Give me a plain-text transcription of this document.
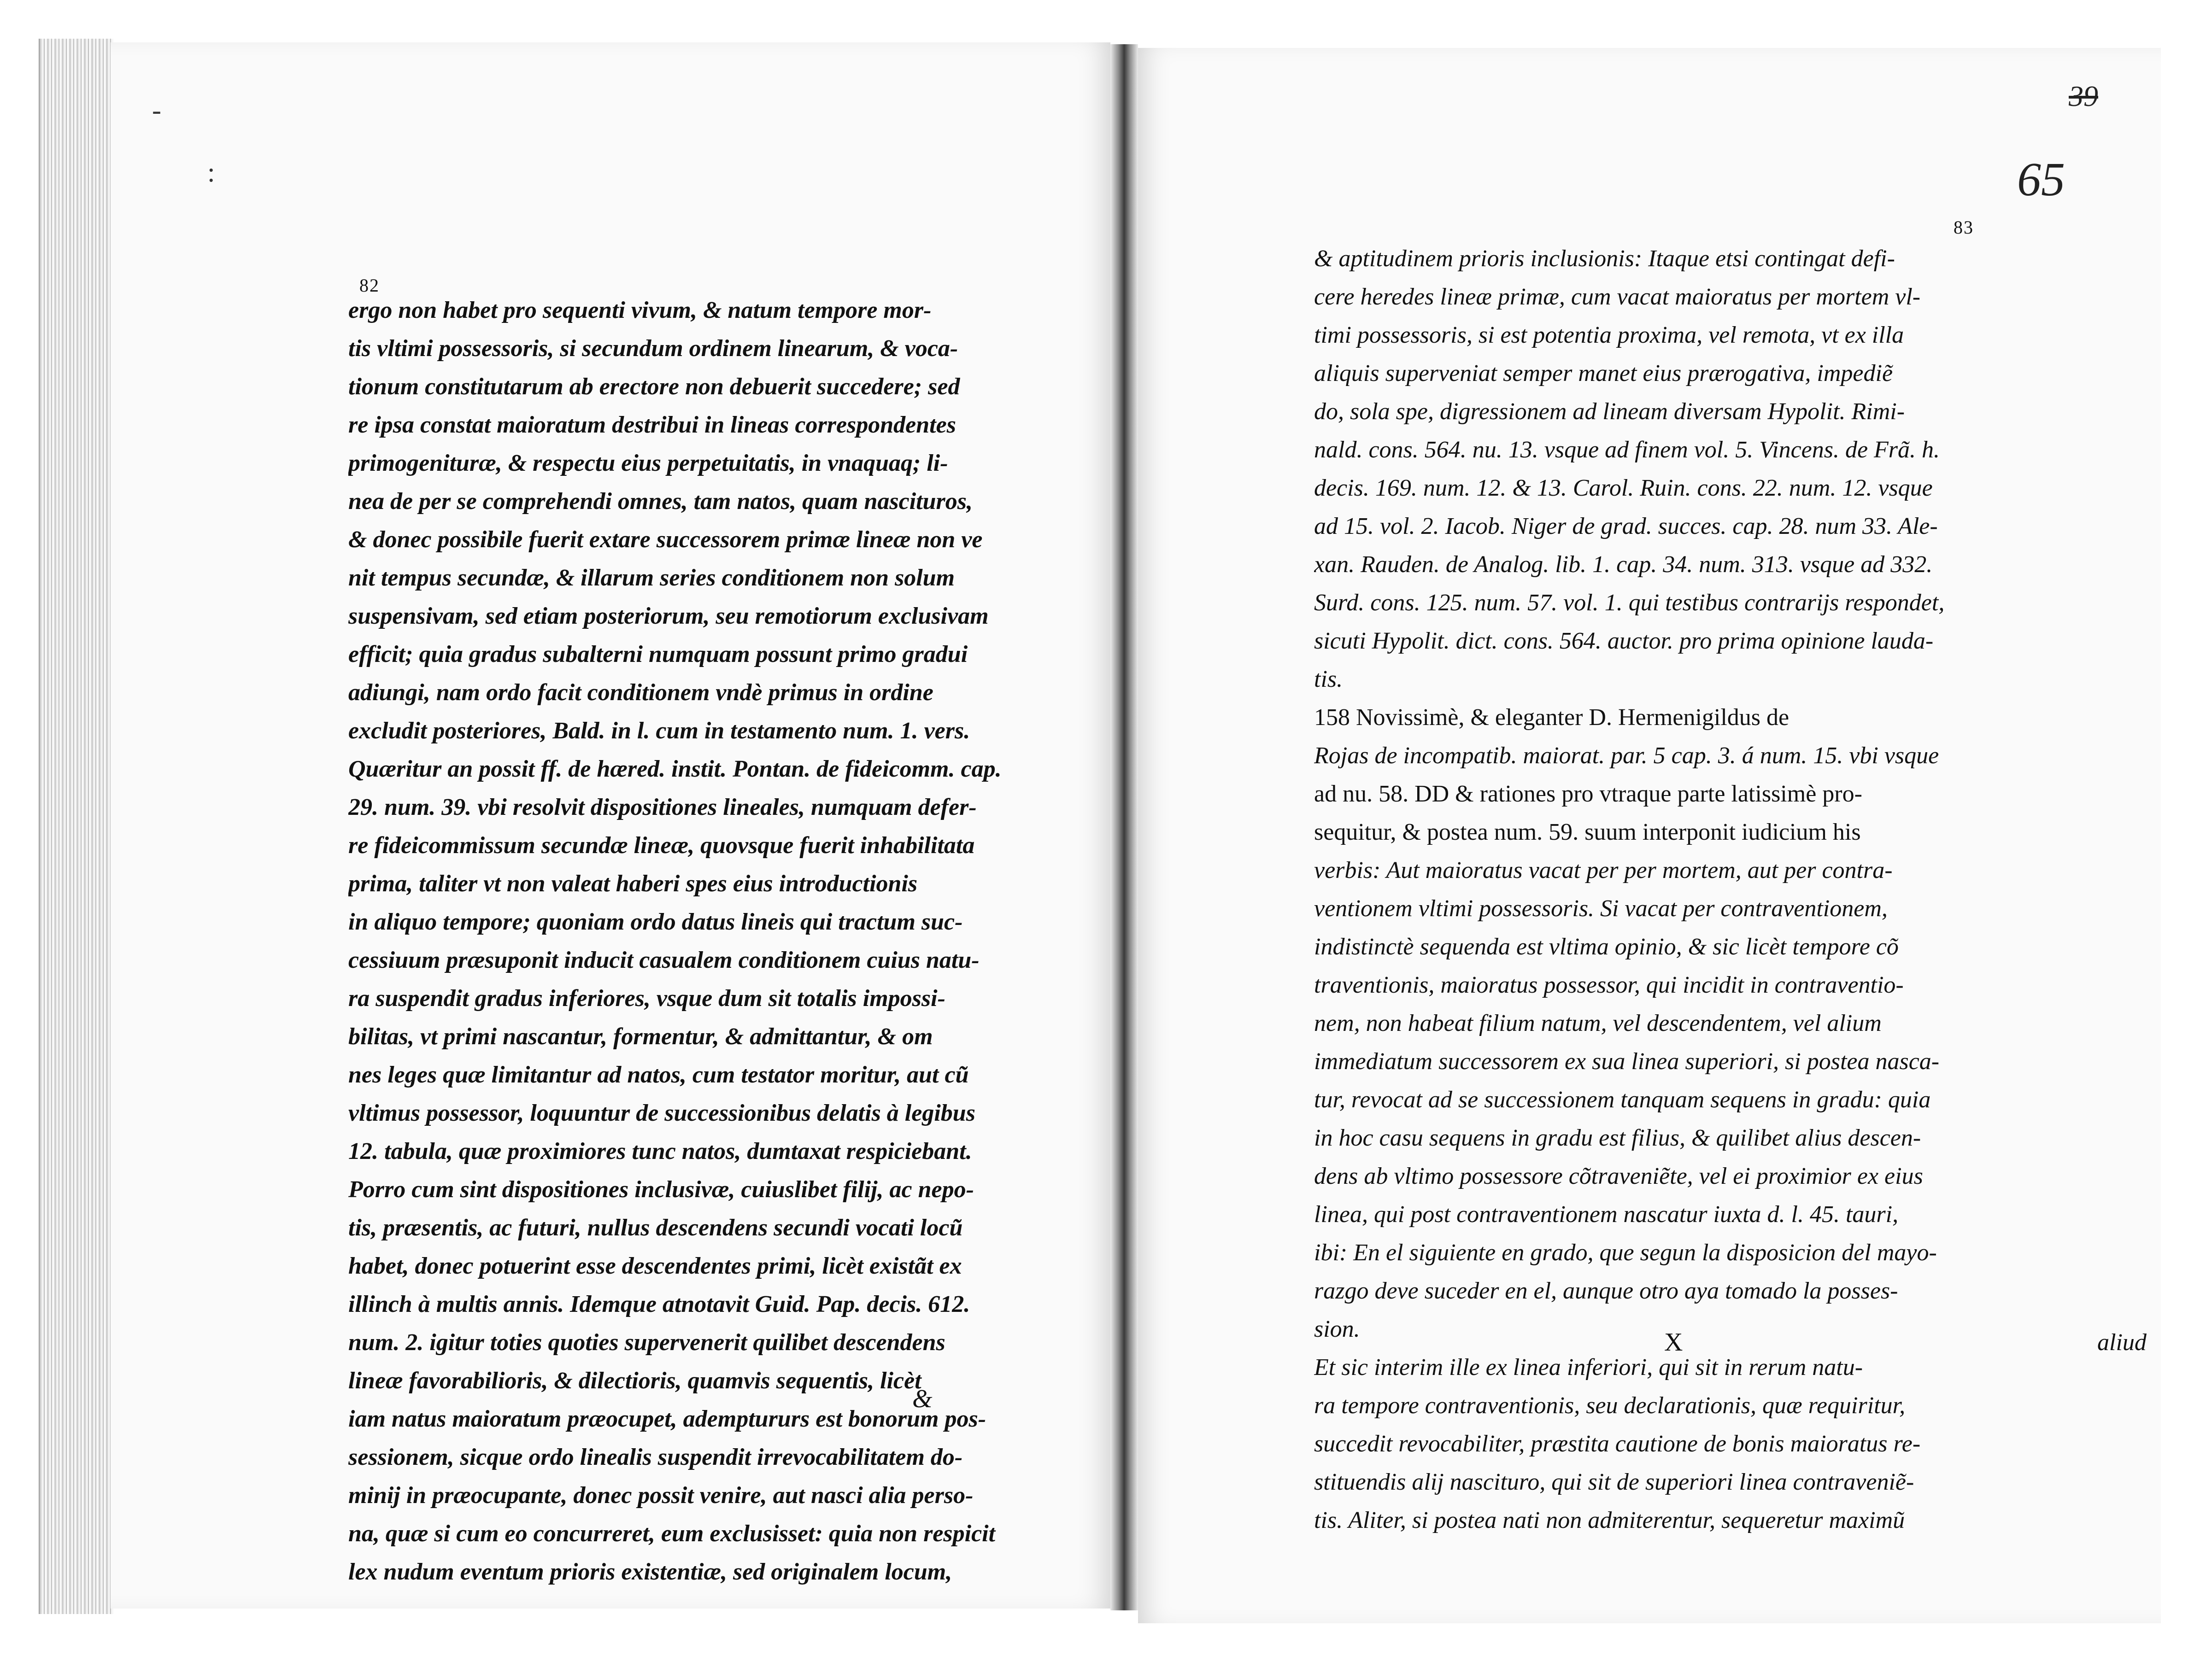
-
:
82
83
39
65
ergo non habet pro sequenti vivum, & natum tempore mor-
tis vltimi possessoris, si secundum ordinem linearum, & voca-
tionum constitutarum ab erectore non debuerit succedere; sed
re ipsa constat maioratum destribui in lineas correspondentes
primogenituræ, & respectu eius perpetuitatis, in vnaquaq; li-
nea de per se comprehendi omnes, tam natos, quam nascituros,
& donec possibile fuerit extare successorem primæ lineæ non ve
nit tempus secundæ, & illarum series conditionem non solum
suspensivam, sed etiam posteriorum, seu remotiorum exclusivam
efficit; quia gradus subalterni numquam possunt primo gradui
adiungi, nam ordo facit conditionem vndè primus in ordine
excludit posteriores, Bald. in l. cum in testamento num. 1. vers.
Quæritur an possit ff. de hæred. instit. Pontan. de fideicomm. cap.
29. num. 39. vbi resolvit dispositiones lineales, numquam defer-
re fideicommissum secundæ lineæ, quovsque fuerit inhabilitata
prima, taliter vt non valeat haberi spes eius introductionis
in aliquo tempore; quoniam ordo datus lineis qui tractum suc-
cessiuum præsuponit inducit casualem conditionem cuius natu-
ra suspendit gradus inferiores, vsque dum sit totalis impossi-
bilitas, vt primi nascantur, formentur, & admittantur, & om
nes leges quæ limitantur ad natos, cum testator moritur, aut cũ
vltimus possessor, loquuntur de successionibus delatis à legibus
12. tabula, quæ proximiores tunc natos, dumtaxat respiciebant.
Porro cum sint dispositiones inclusivæ, cuiuslibet filij, ac nepo-
tis, præsentis, ac futuri, nullus descendens secundi vocati locũ
habet, donec potuerint esse descendentes primi, licèt existãt ex
illinch à multis annis. Idemque atnotavit Guid. Pap. decis. 612.
num. 2. igitur toties quoties supervenerit quilibet descendens
lineæ favorabilioris, & dilectioris, quamvis sequentis, licèt
iam natus maioratum præocupet, ademptururs est bonorum pos-
sessionem, sicque ordo linealis suspendit irrevocabilitatem do-
minij in præocupante, donec possit venire, aut nasci alia perso-
na, quæ si cum eo concurreret, eum exclusisset: quia non respicit
lex nudum eventum prioris existentiæ, sed originalem locum,
&
& aptitudinem prioris inclusionis: Itaque etsi contingat defi-
cere heredes lineæ primæ, cum vacat maioratus per mortem vl-
timi possessoris, si est potentia proxima, vel remota, vt ex illa
aliquis superveniat semper manet eius prærogativa, impediẽ
do, sola spe, digressionem ad lineam diversam Hypolit. Rimi-
nald. cons. 564. nu. 13. vsque ad finem vol. 5. Vincens. de Frã. h.
decis. 169. num. 12. & 13. Carol. Ruin. cons. 22. num. 12. vsque
ad 15. vol. 2. Iacob. Niger de grad. succes. cap. 28. num 33. Ale-
xan. Rauden. de Analog. lib. 1. cap. 34. num. 313. vsque ad 332.
Surd. cons. 125. num. 57. vol. 1. qui testibus contrarijs respondet,
sicuti Hypolit. dict. cons. 564. auctor. pro prima opinione lauda-
tis.
158 Novissimè, & eleganter D. Hermenigildus de
Rojas de incompatib. maiorat. par. 5 cap. 3. á num. 15. vbi vsque
ad nu. 58. DD & rationes pro vtraque parte latissimè pro-
sequitur, & postea num. 59. suum interponit iudicium his
verbis: Aut maioratus vacat per per mortem, aut per contra-
ventionem vltimi possessoris. Si vacat per contraventionem,
indistinctè sequenda est vltima opinio, & sic licèt tempore cõ
traventionis, maioratus possessor, qui incidit in contraventio-
nem, non habeat filium natum, vel descendentem, vel alium
immediatum successorem ex sua linea superiori, si postea nasca-
tur, revocat ad se successionem tanquam sequens in gradu: quia
in hoc casu sequens in gradu est filius, & quilibet alius descen-
dens ab vltimo possessore cõtraveniẽte, vel ei proximior ex eius
linea, qui post contraventionem nascatur iuxta d. l. 45. tauri,
ibi: En el siguiente en grado, que segun la disposicion del mayo-
razgo deve suceder en el, aunque otro aya tomado la posses-
sion.
Et sic interim ille ex linea inferiori, qui sit in rerum natu-
ra tempore contraventionis, seu declarationis, quæ requiritur,
succedit revocabiliter, præstita cautione de bonis maioratus re-
stituendis alij nascituro, qui sit de superiori linea contraveniẽ-
tis. Aliter, si postea nati non admiterentur, sequeretur maximũ
X	aliud
